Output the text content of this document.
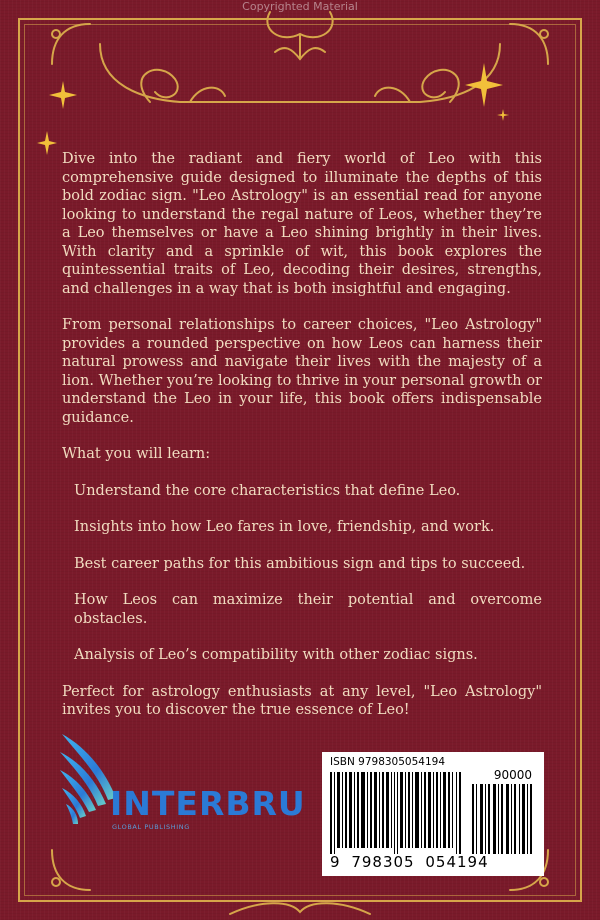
Copyrighted Material

Dive into the radiant and fiery world of Leo with this comprehensive guide designed to illuminate the depths of this bold zodiac sign. "Leo Astrology" is an essential read for anyone looking to understand the regal nature of Leos, whether they’re a Leo themselves or have a Leo shining brightly in their lives. With clarity and a sprinkle of wit, this book explores the quintessential traits of Leo, decoding their desires, strengths, and challenges in a way that is both insightful and engaging.

From personal relationships to career choices, "Leo Astrology" provides a rounded perspective on how Leos can harness their natural prowess and navigate their lives with the majesty of a lion. Whether you’re looking to thrive in your personal growth or understand the Leo in your life, this book offers indispensable guidance.

What you will learn:

Understand the core characteristics that define Leo.
Insights into how Leo fares in love, friendship, and work.
Best career paths for this ambitious sign and tips to succeed.
How Leos can maximize their potential and overcome obstacles.
Analysis of Leo’s compatibility with other zodiac signs.

Perfect for astrology enthusiasts at any level, "Leo Astrology" invites you to discover the true essence of Leo!

INTERBRU
GLOBAL PUBLISHING
ISBN 9798305054194
90000
9 798305 054194
